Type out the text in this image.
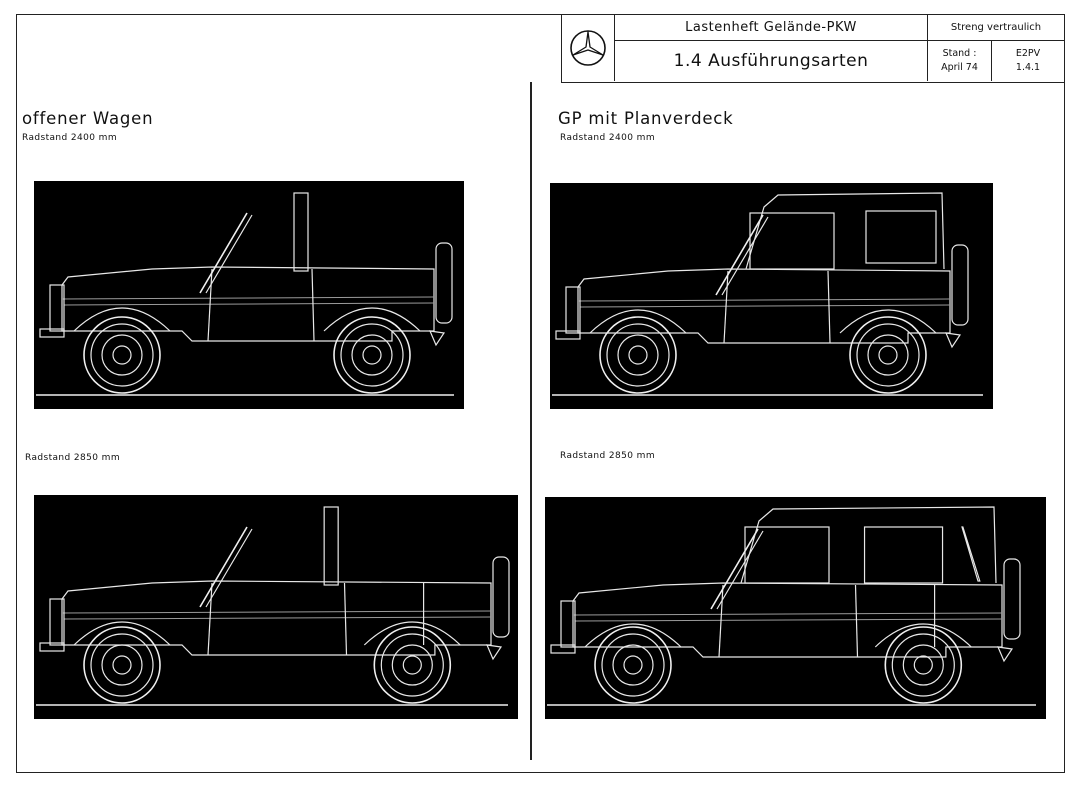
Lastenheft Gelände-PKW
1.4 Ausführungsarten
Streng vertraulich
Stand :
April 74
E2PV
1.4.1
offener Wagen
Radstand 2400 mm
Radstand 2850 mm
GP mit Planverdeck
Radstand 2400 mm
Radstand 2850 mm
